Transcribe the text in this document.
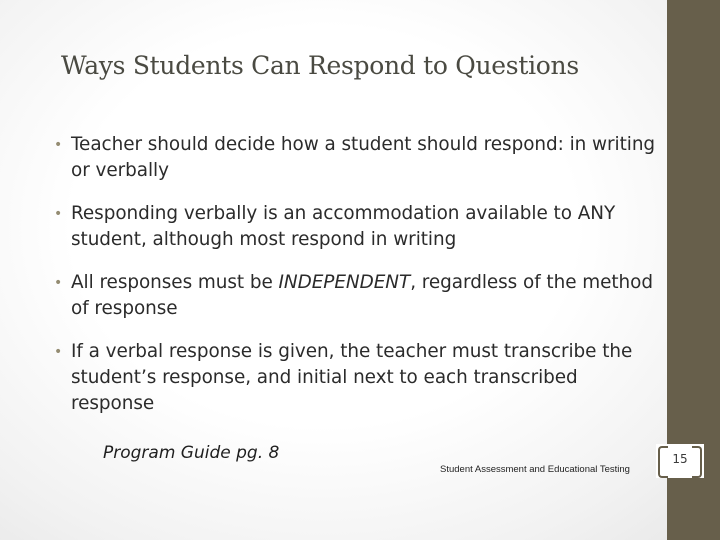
Ways Students Can Respond to Questions
• Teacher should decide how a student should respond: in writing or verbally
• Responding verbally is an accommodation available to ANY student, although most respond in writing
• All responses must be INDEPENDENT, regardless of the method of response
• If a verbal response is given, the teacher must transcribe the student’s response, and initial next to each transcribed response
Program Guide pg. 8
Student Assessment and Educational Testing
15
